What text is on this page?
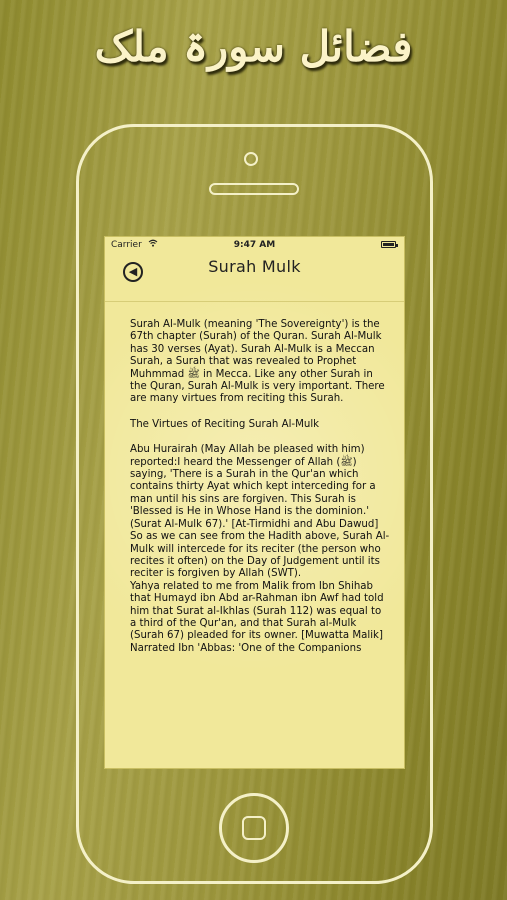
فضائل سورۃ ملک
Carrier	9:47 AM
◀	Surah Mulk

Surah Al-Mulk (meaning 'The Sovereignty') is the 67th chapter (Surah) of the Quran. Surah Al-Mulk has 30 verses (Ayat). Surah Al-Mulk is a Meccan Surah, a Surah that was revealed to Prophet Muhmmad ﷺ in Mecca. Like any other Surah in the Quran, Surah Al-Mulk is very important. There are many virtues from reciting this Surah.

The Virtues of Reciting Surah Al-Mulk

Abu Hurairah (May Allah be pleased with him) reported:I heard the Messenger of Allah (ﷺ) saying, 'There is a Surah in the Qur'an which contains thirty Ayat which kept interceding for a man until his sins are forgiven. This Surah is 'Blessed is He in Whose Hand is the dominion.' (Surat Al-Mulk 67).' [At-Tirmidhi and Abu Dawud]

So as we can see from the Hadith above, Surah Al-Mulk will intercede for its reciter (the person who recites it often) on the Day of Judgement until its reciter is forgiven by Allah (SWT).

Yahya related to me from Malik from Ibn Shihab that Humayd ibn Abd ar-Rahman ibn Awf had told him that Surat al-Ikhlas (Surah 112) was equal to a third of the Qur'an, and that Surah al-Mulk (Surah 67) pleaded for its owner. [Muwatta Malik]

Narrated Ibn 'Abbas: 'One of the Companions
